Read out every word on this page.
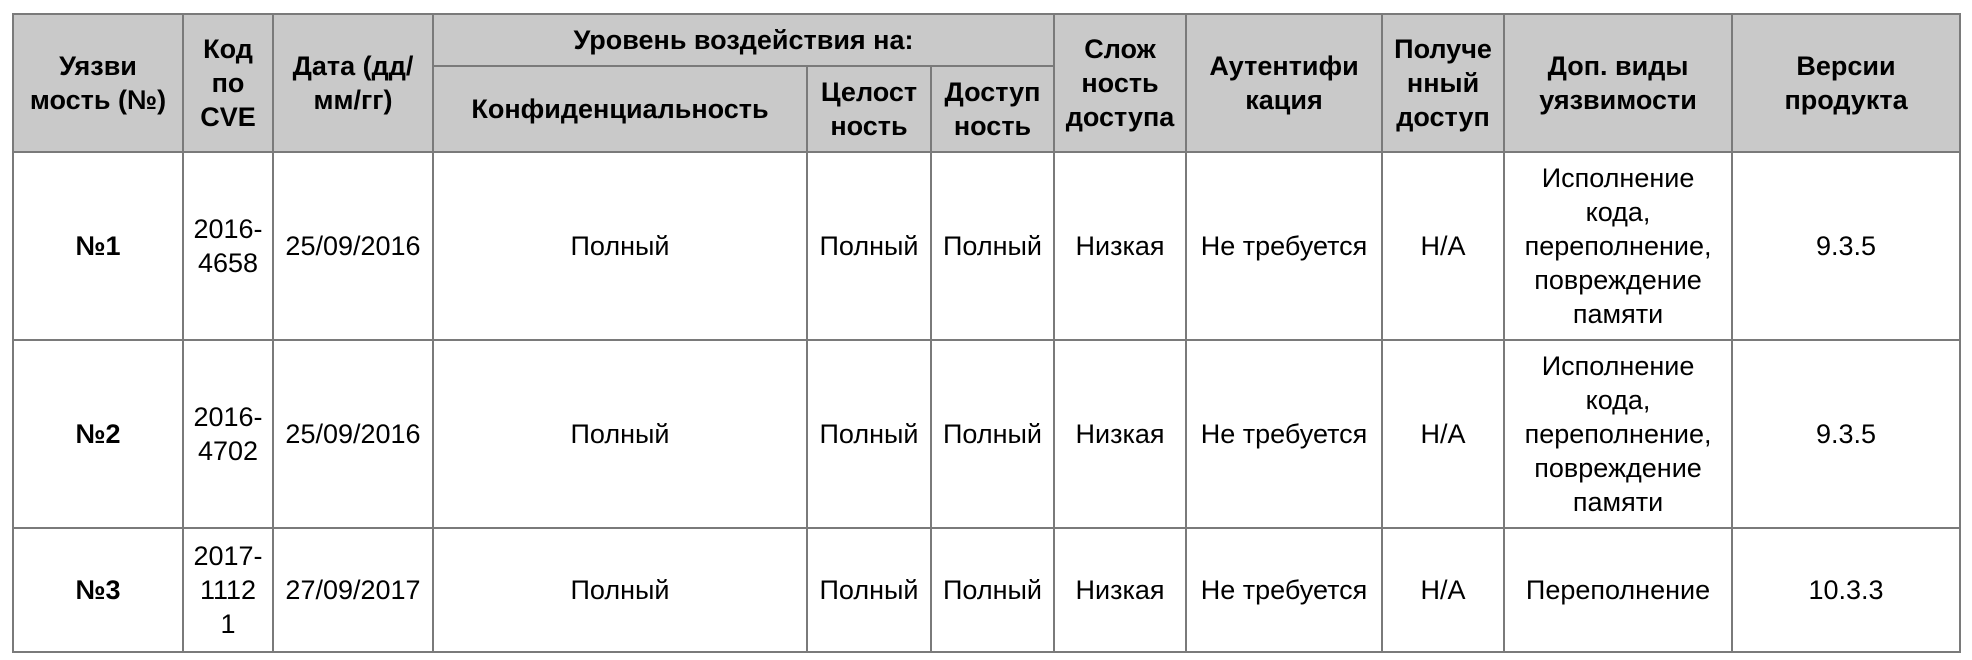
Уязви
мость (№)	Код
по
CVE	Дата (дд/
мм/гг)	Уровень воздействия на:			Слож
ность
доступа	Аутентифи
кация	Получе
нный
доступ	Доп. виды
уязвимости	Версии
продукта
			Конфиденциальность	Целост
ность	Доступ
ность					
№1	2016-
4658	25/09/2016	Полный	Полный	Полный	Низкая	Не требуется	Н/А	Исполнение
кода,
переполнение,
повреждение
памяти	9.3.5
№2	2016-
4702	25/09/2016	Полный	Полный	Полный	Низкая	Не требуется	Н/А	Исполнение
кода,
переполнение,
повреждение
памяти	9.3.5
№3	2017-
1112
1	27/09/2017	Полный	Полный	Полный	Низкая	Не требуется	Н/А	Переполнение	10.3.3
